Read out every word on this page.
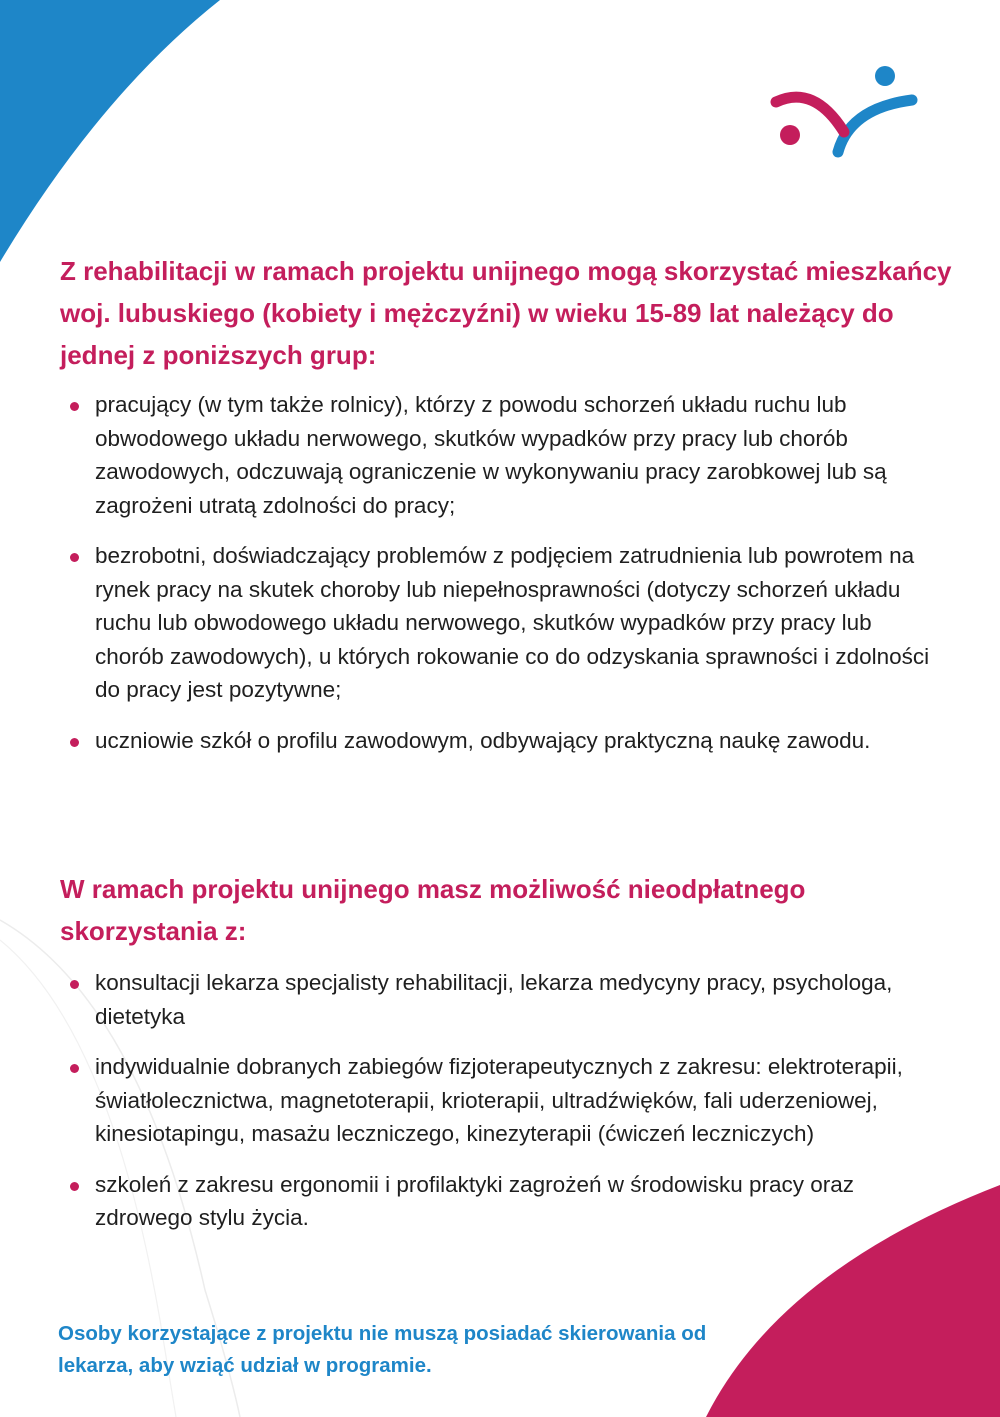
Z rehabilitacji w ramach projektu unijnego mogą skorzystać mieszkańcy woj. lubuskiego (kobiety i mężczyźni) w wieku 15-89 lat należący do jednej z poniższych grup:
pracujący (w tym także rolnicy), którzy z powodu schorzeń układu ruchu lub obwodowego układu nerwowego, skutków wypadków przy pracy lub chorób zawodowych, odczuwają ograniczenie w wykonywaniu pracy zarobkowej lub są zagrożeni utratą zdolności do pracy;
bezrobotni, doświadczający problemów z podjęciem zatrudnienia lub powrotem na rynek pracy na skutek choroby lub niepełnosprawności (dotyczy schorzeń układu ruchu lub obwodowego układu nerwowego, skutków wypadków przy pracy lub chorób zawodowych), u których rokowanie co do odzyskania sprawności i zdolności do pracy jest pozytywne;
uczniowie szkół o profilu zawodowym, odbywający praktyczną naukę zawodu.
W ramach projektu unijnego masz możliwość nieodpłatnego skorzystania z:
konsultacji lekarza specjalisty rehabilitacji, lekarza medycyny pracy, psychologa, dietetyka
indywidualnie dobranych zabiegów fizjoterapeutycznych z zakresu: elektroterapii, światłolecznictwa, magnetoterapii, krioterapii, ultradźwięków, fali uderzeniowej, kinesiotapingu, masażu leczniczego, kinezyterapii (ćwiczeń leczniczych)
szkoleń z zakresu ergonomii i profilaktyki zagrożeń w środowisku pracy oraz zdrowego stylu życia.

Osoby korzystające z projektu nie muszą posiadać skierowania od lekarza, aby wziąć udział w programie.
